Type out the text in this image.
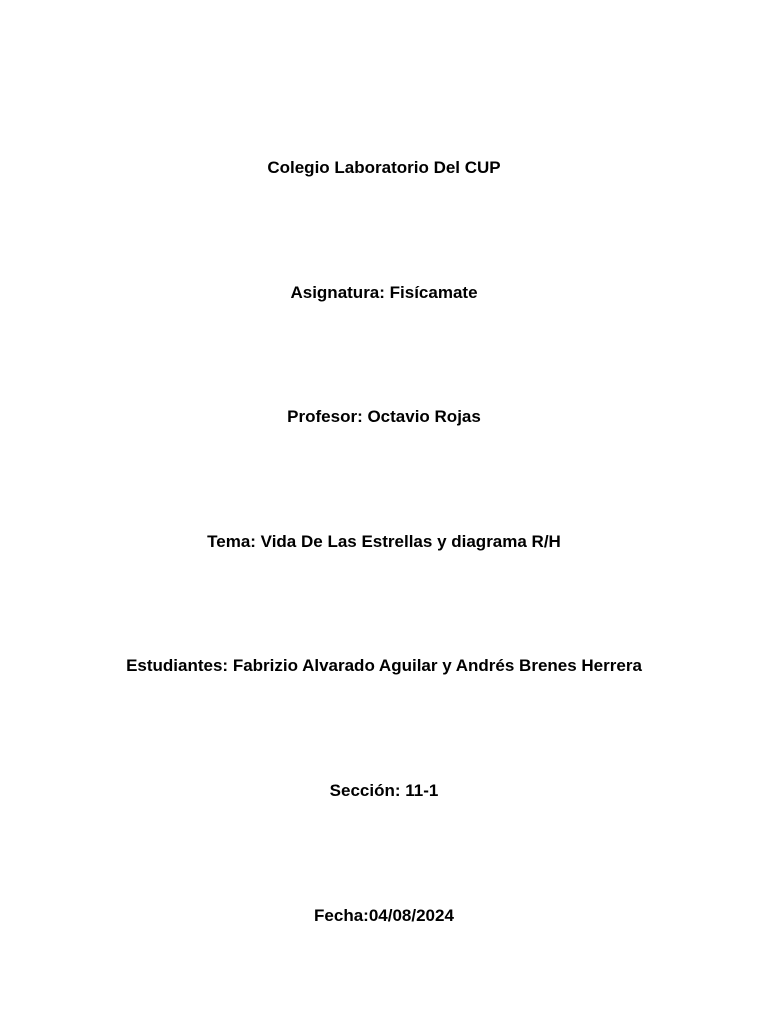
Colegio Laboratorio Del CUP
Asignatura: Fisícamate
Profesor: Octavio Rojas
Tema: Vida De Las Estrellas y diagrama R/H
Estudiantes: Fabrizio Alvarado Aguilar y Andrés Brenes Herrera
Sección: 11-1
Fecha:04/08/2024
